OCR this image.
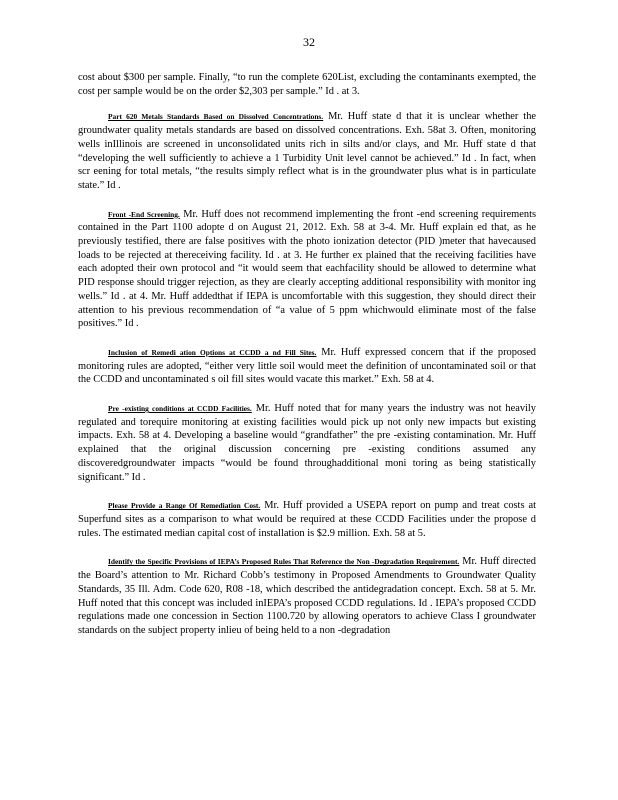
32

cost about $300 per sample. Finally, “to run the complete 620List, excluding the contaminants exempted, the cost per sample would be on the order $2,303 per sample.” Id . at 3.

Part 620 Metals Standards Based on Dissolved Concentrations. Mr. Huff state d that it is unclear whether the groundwater quality metals standards are based on dissolved concentrations. Exh. 58at 3. Often, monitoring wells inIllinois are screened in unconsolidated units rich in silts and/or clays, and Mr. Huff state d that “developing the well sufficiently to achieve a 1 Turbidity Unit level cannot be achieved.” Id . In fact, when scr eening for total metals, “the results simply reflect what is in the groundwater plus what is in particulate state.” Id .

Front -End Screening. Mr. Huff does not recommend implementing the front -end screening requirements contained in the Part 1100 adopte d on August 21, 2012. Exh. 58 at 3-4. Mr. Huff explain ed that, as he previously testified, there are false positives with the photo ionization detector (PID )meter that havecaused loads to be rejected at thereceiving facility. Id . at 3. He further ex plained that the receiving facilities have each adopted their own protocol and “it would seem that eachfacility should be allowed to determine what PID response should trigger rejection, as they are clearly accepting additional responsibility with monitor ing wells.” Id . at 4. Mr. Huff addedthat if IEPA is uncomfortable with this suggestion, they should direct their attention to his previous recommendation of “a value of 5 ppm whichwould eliminate most of the false positives.” Id .

Inclusion of Remedi ation Options at CCDD a nd Fill Sites. Mr. Huff expressed concern that if the proposed monitoring rules are adopted, “either very little soil would meet the definition of uncontaminated soil or that the CCDD and uncontaminated s oil fill sites would vacate this market.” Exh. 58 at 4.

Pre -existing conditions at CCDD Facilities. Mr. Huff noted that for many years the industry was not heavily regulated and torequire monitoring at existing facilities would pick up not only new impacts but existing impacts. Exh. 58 at 4. Developing a baseline would “grandfather” the pre -existing contamination. Mr. Huff explained that the original discussion concerning pre -existing conditions assumed any discoveredgroundwater impacts “would be found throughadditional moni toring as being statistically significant.” Id .

Please Provide a Range Of Remediation Cost. Mr. Huff provided a USEPA report on pump and treat costs at Superfund sites as a comparison to what would be required at these CCDD Facilities under the propose d rules. The estimated median capital cost of installation is $2.9 million. Exh. 58 at 5.

Identify the Specific Provisions of IEPA’s Proposed Rules That Reference the Non -Degradation Requirement. Mr. Huff directed the Board’s attention to Mr. Richard Cobb’s testimony in Proposed Amendments to Groundwater Quality Standards, 35 Ill. Adm. Code 620, R08 -18, which described the antidegradation concept. Exch. 58 at 5. Mr. Huff noted that this concept was included inIEPA’s proposed CCDD regulations. Id . IEPA’s proposed CCDD regulations made one concession in Section 1100.720 by allowing operators to achieve Class I groundwater standards on the subject property inlieu of being held to a non -degradation
